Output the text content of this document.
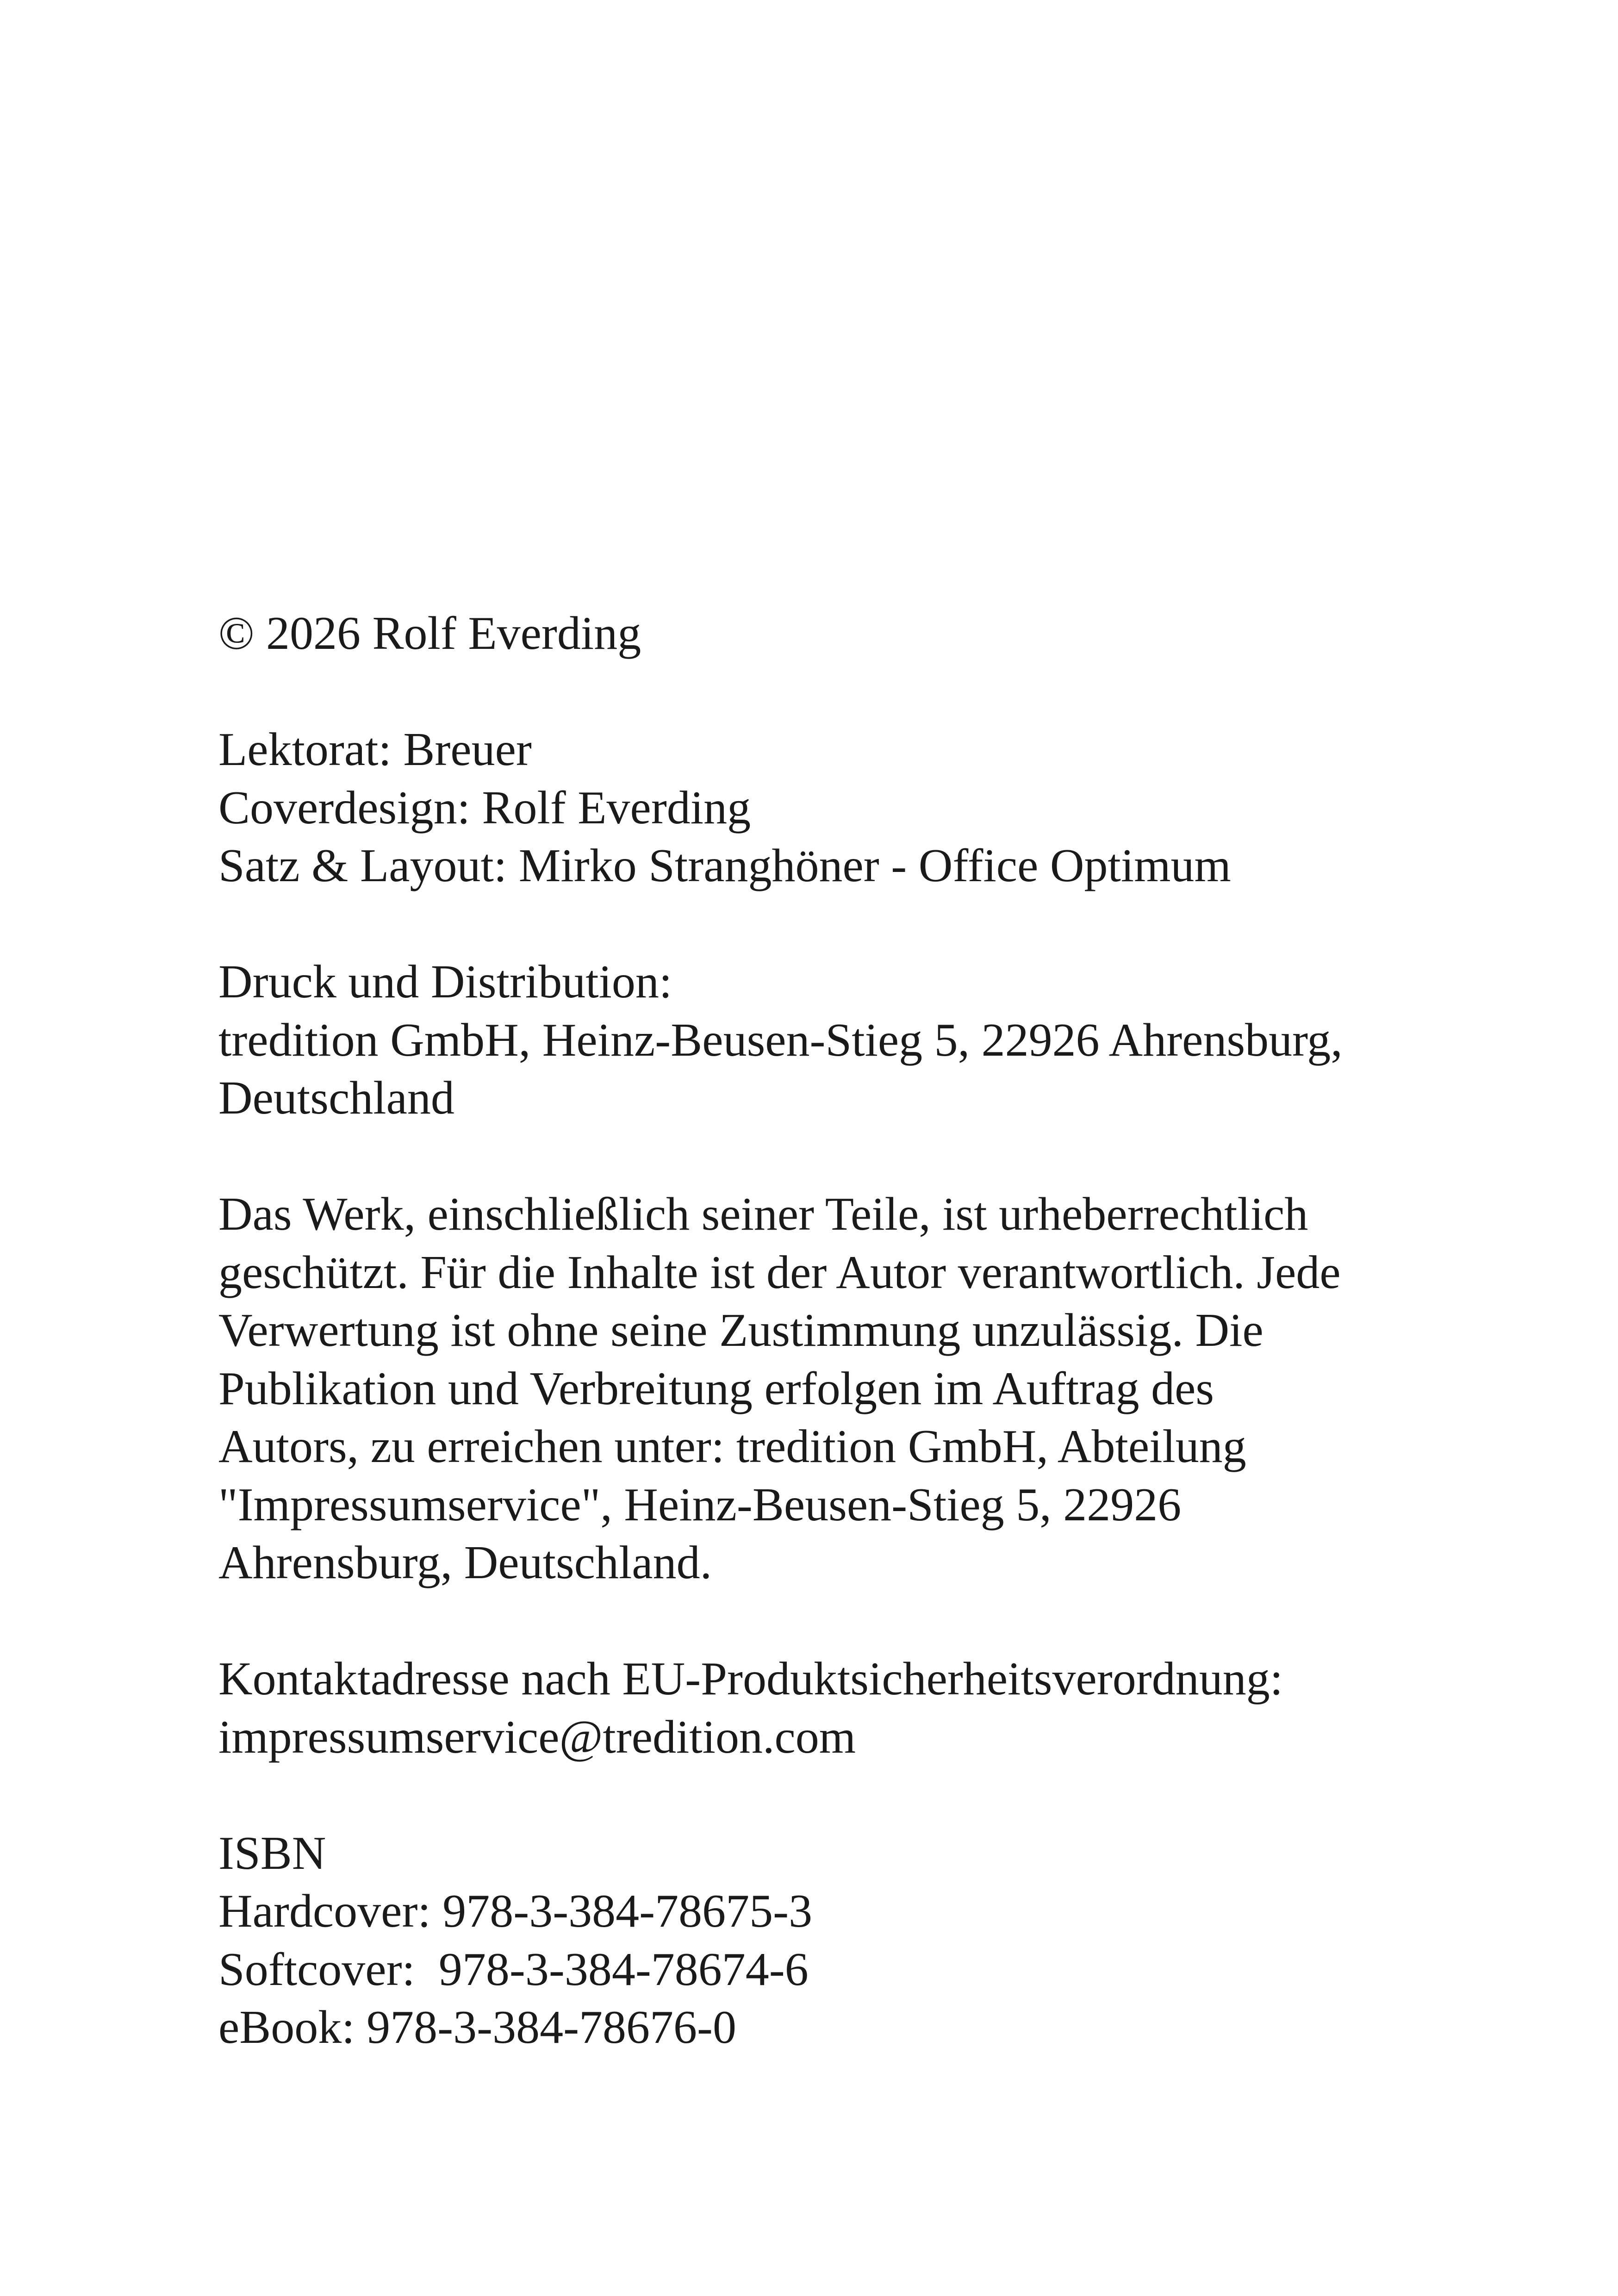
© 2026 Rolf Everding
Lektorat: Breuer
Coverdesign: Rolf Everding
Satz & Layout: Mirko Stranghöner - Office Optimum
Druck und Distribution:
tredition GmbH, Heinz-Beusen-Stieg 5, 22926 Ahrensburg,
Deutschland
Das Werk, einschließlich seiner Teile, ist urheberrechtlich
geschützt. Für die Inhalte ist der Autor verantwortlich. Jede
Verwertung ist ohne seine Zustimmung unzulässig. Die
Publikation und Verbreitung erfolgen im Auftrag des
Autors, zu erreichen unter: tredition GmbH, Abteilung
"Impressumservice", Heinz-Beusen-Stieg 5, 22926
Ahrensburg, Deutschland.
Kontaktadresse nach EU-Produktsicherheitsverordnung:
impressumservice@tredition.com
ISBN
Hardcover: 978-3-384-78675-3
Softcover:  978-3-384-78674-6
eBook: 978-3-384-78676-0
